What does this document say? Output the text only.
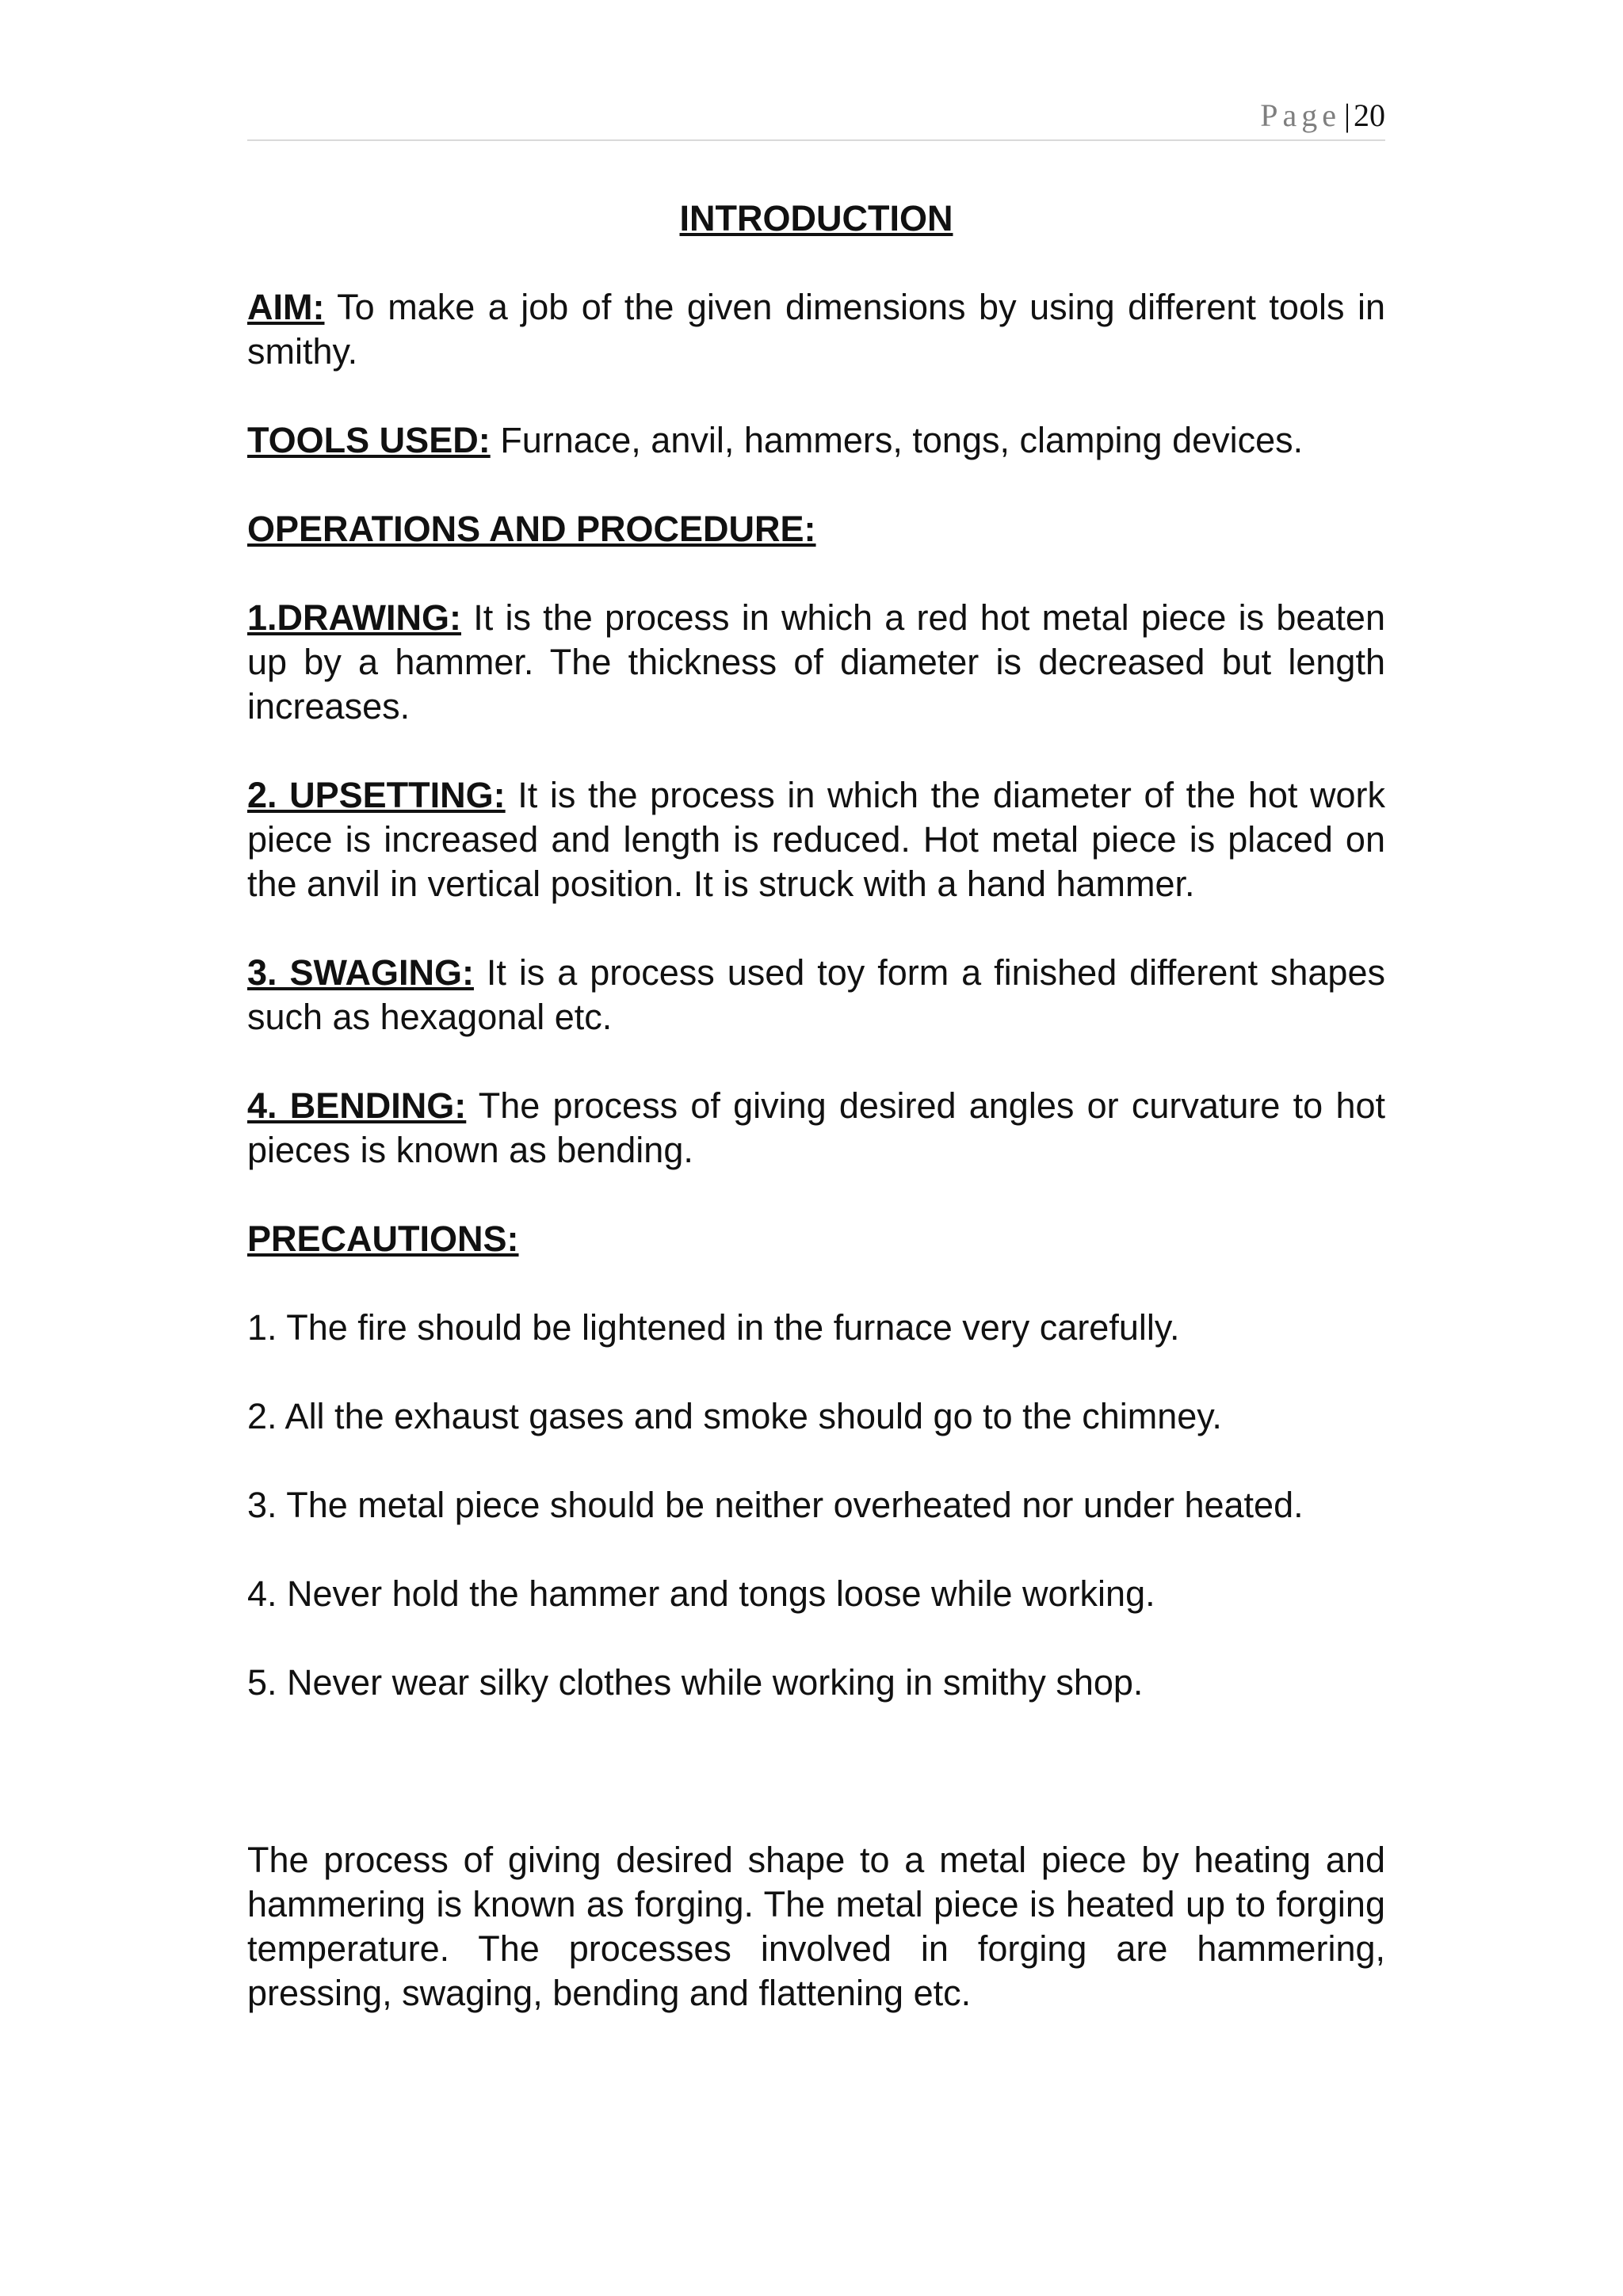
Page | 20
INTRODUCTION

AIM: To make a job of the given dimensions by using different tools in smithy.

TOOLS USED: Furnace, anvil, hammers, tongs, clamping devices.

OPERATIONS AND PROCEDURE:

1.DRAWING: It is the process in which a red hot metal piece is beaten up by a hammer. The thickness of diameter is decreased but length increases.

2. UPSETTING: It is the process in which the diameter of the hot work piece is increased and length is reduced. Hot metal piece is placed on the anvil in vertical position. It is struck with a hand hammer.

3. SWAGING: It is a process used toy form a finished different shapes such as hexagonal etc.

4. BENDING: The process of giving desired angles or curvature to hot pieces is known as bending.

PRECAUTIONS:

1. The fire should be lightened in the furnace very carefully.

2. All the exhaust gases and smoke should go to the chimney.

3. The metal piece should be neither overheated nor under heated.

4. Never hold the hammer and tongs loose while working.

5. Never wear silky clothes while working in smithy shop.

The process of giving desired shape to a metal piece by heating and hammering is known as forging. The metal piece is heated up to forging temperature. The processes involved in forging are hammering, pressing, swaging, bending and flattening etc.
